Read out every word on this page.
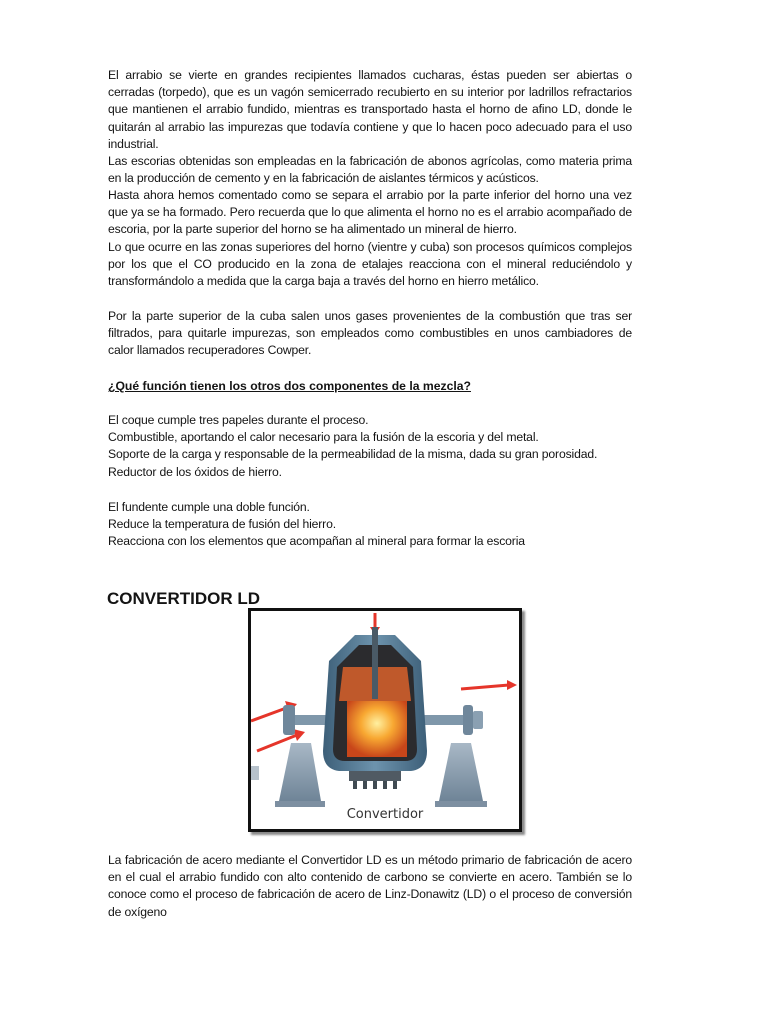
El arrabio se vierte en grandes recipientes llamados cucharas, éstas pueden ser abiertas o cerradas (torpedo), que es un vagón semicerrado recubierto en su interior por ladrillos refractarios que mantienen el arrabio fundido, mientras es transportado hasta el horno de afino LD, donde le quitarán al arrabio las impurezas que todavía contiene y que lo hacen poco adecuado para el uso industrial.

Las escorias obtenidas son empleadas en la fabricación de abonos agrícolas, como materia prima en la producción de cemento y en la fabricación de aislantes térmicos y acústicos.

Hasta ahora hemos comentado como se separa el arrabio por la parte inferior del horno una vez que ya se ha formado. Pero recuerda que lo que alimenta el horno no es el arrabio acompañado de escoria, por la parte superior del horno se ha alimentado un mineral de hierro.

Lo que ocurre en las zonas superiores del horno (vientre y cuba) son procesos químicos complejos por los que el CO producido en la zona de etalajes reacciona con el mineral reduciéndolo y transformándolo a medida que la carga baja a través del horno en hierro metálico.

Por la parte superior de la cuba salen unos gases provenientes de la combustión que tras ser filtrados, para quitarle impurezas, son empleados como combustibles en unos cambiadores de calor llamados recuperadores Cowper.

¿Qué función tienen los otros dos componentes de la mezcla?

El coque cumple tres papeles durante el proceso.
Combustible, aportando el calor necesario para la fusión de la escoria y del metal.
Soporte de la carga y responsable de la permeabilidad de la misma, dada su gran porosidad.
Reductor de los óxidos de hierro.
El fundente cumple una doble función.
Reduce la temperatura de fusión del hierro.
Reacciona con los elementos que acompañan al mineral para formar la escoria
CONVERTIDOR LD
Convertidor

La fabricación de acero mediante el Convertidor LD es un método primario de fabricación de acero en el cual el arrabio fundido con alto contenido de carbono se convierte en acero. También se lo conoce como el proceso de fabricación de acero de Linz-Donawitz (LD) o el proceso de conversión de oxígeno
